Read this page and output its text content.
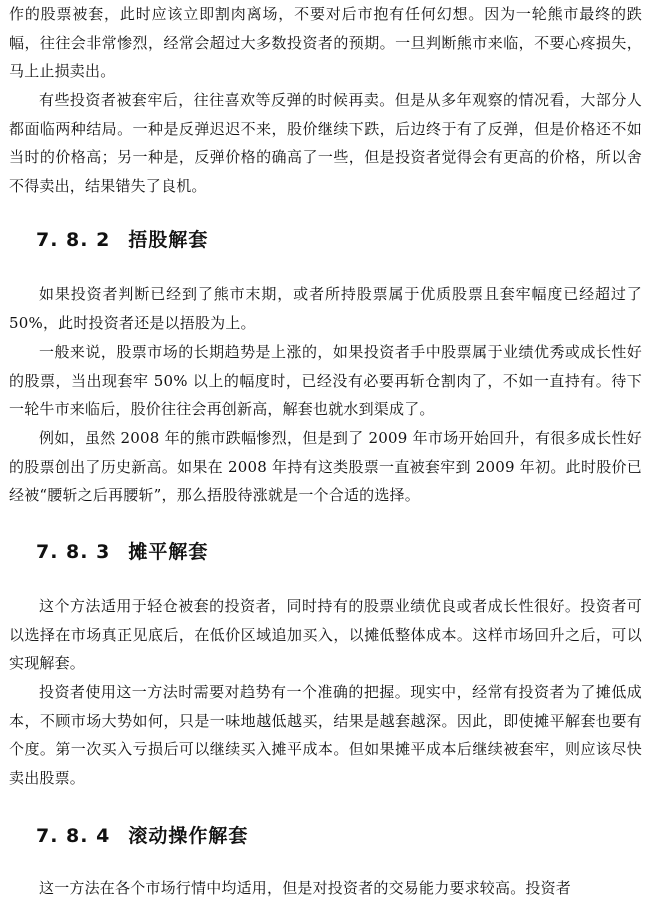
作的股票被套，此时应该立即割肉离场，不要对后市抱有任何幻想。因为一轮熊市最终的跌幅，往往会非常惨烈，经常会超过大多数投资者的预期。一旦判断熊市来临，不要心疼损失，马上止损卖出。

有些投资者被套牢后，往往喜欢等反弹的时候再卖。但是从多年观察的情况看，大部分人都面临两种结局。一种是反弹迟迟不来，股价继续下跌，后边终于有了反弹，但是价格还不如当时的价格高；另一种是，反弹价格的确高了一些，但是投资者觉得会有更高的价格，所以舍不得卖出，结果错失了良机。

7. 8. 2 捂股解套

如果投资者判断已经到了熊市末期，或者所持股票属于优质股票且套牢幅度已经超过了 50%，此时投资者还是以捂股为上。

一般来说，股票市场的长期趋势是上涨的，如果投资者手中股票属于业绩优秀或成长性好的股票，当出现套牢 50% 以上的幅度时，已经没有必要再斩仓割肉了，不如一直持有。待下一轮牛市来临后，股价往往会再创新高，解套也就水到渠成了。

例如，虽然 2008 年的熊市跌幅惨烈，但是到了 2009 年市场开始回升，有很多成长性好的股票创出了历史新高。如果在 2008 年持有这类股票一直被套牢到 2009 年初。此时股价已经被“腰斩之后再腰斩”，那么捂股待涨就是一个合适的选择。

7. 8. 3 摊平解套

这个方法适用于轻仓被套的投资者，同时持有的股票业绩优良或者成长性很好。投资者可以选择在市场真正见底后，在低价区域追加买入，以摊低整体成本。这样市场回升之后，可以实现解套。

投资者使用这一方法时需要对趋势有一个准确的把握。现实中，经常有投资者为了摊低成本，不顾市场大势如何，只是一味地越低越买，结果是越套越深。因此，即使摊平解套也要有个度。第一次买入亏损后可以继续买入摊平成本。但如果摊平成本后继续被套牢，则应该尽快卖出股票。

7. 8. 4 滚动操作解套

这一方法在各个市场行情中均适用，但是对投资者的交易能力要求较高。投资者
